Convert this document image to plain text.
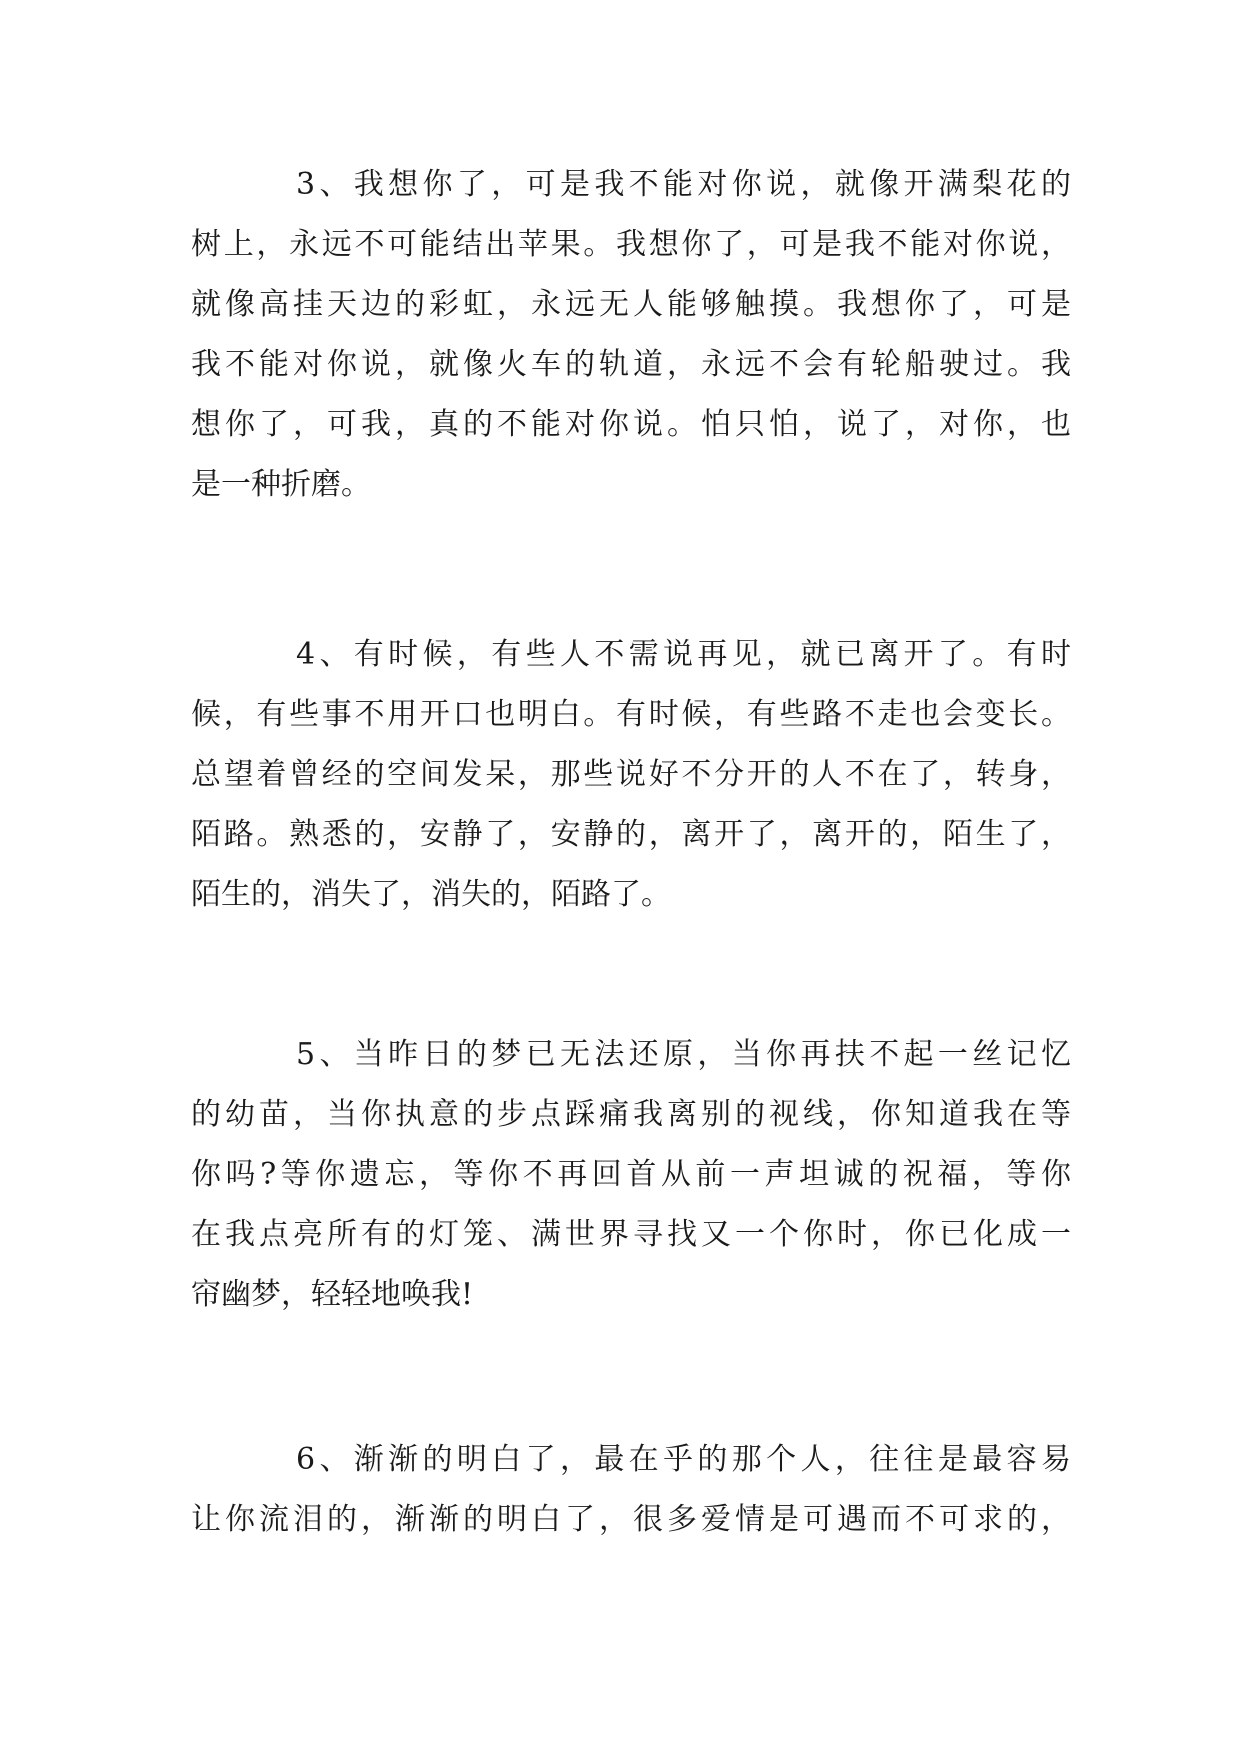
3、我想你了，可是我不能对你说，就像开满梨花的
树上，永远不可能结出苹果。我想你了，可是我不能对你说，
就像高挂天边的彩虹，永远无人能够触摸。我想你了，可是
我不能对你说，就像火车的轨道，永远不会有轮船驶过。我
想你了，可我，真的不能对你说。怕只怕，说了，对你，也
是一种折磨。
4、有时候，有些人不需说再见，就已离开了。有时
候，有些事不用开口也明白。有时候，有些路不走也会变长。
总望着曾经的空间发呆，那些说好不分开的人不在了，转身，
陌路。熟悉的，安静了，安静的，离开了，离开的，陌生了，
陌生的，消失了，消失的，陌路了。
5、当昨日的梦已无法还原，当你再扶不起一丝记忆
的幼苗，当你执意的步点踩痛我离别的视线，你知道我在等
你吗?等你遗忘，等你不再回首从前一声坦诚的祝福，等你
在我点亮所有的灯笼、满世界寻找又一个你时，你已化成一
帘幽梦，轻轻地唤我!
6、渐渐的明白了，最在乎的那个人，往往是最容易
让你流泪的，渐渐的明白了，很多爱情是可遇而不可求的，
